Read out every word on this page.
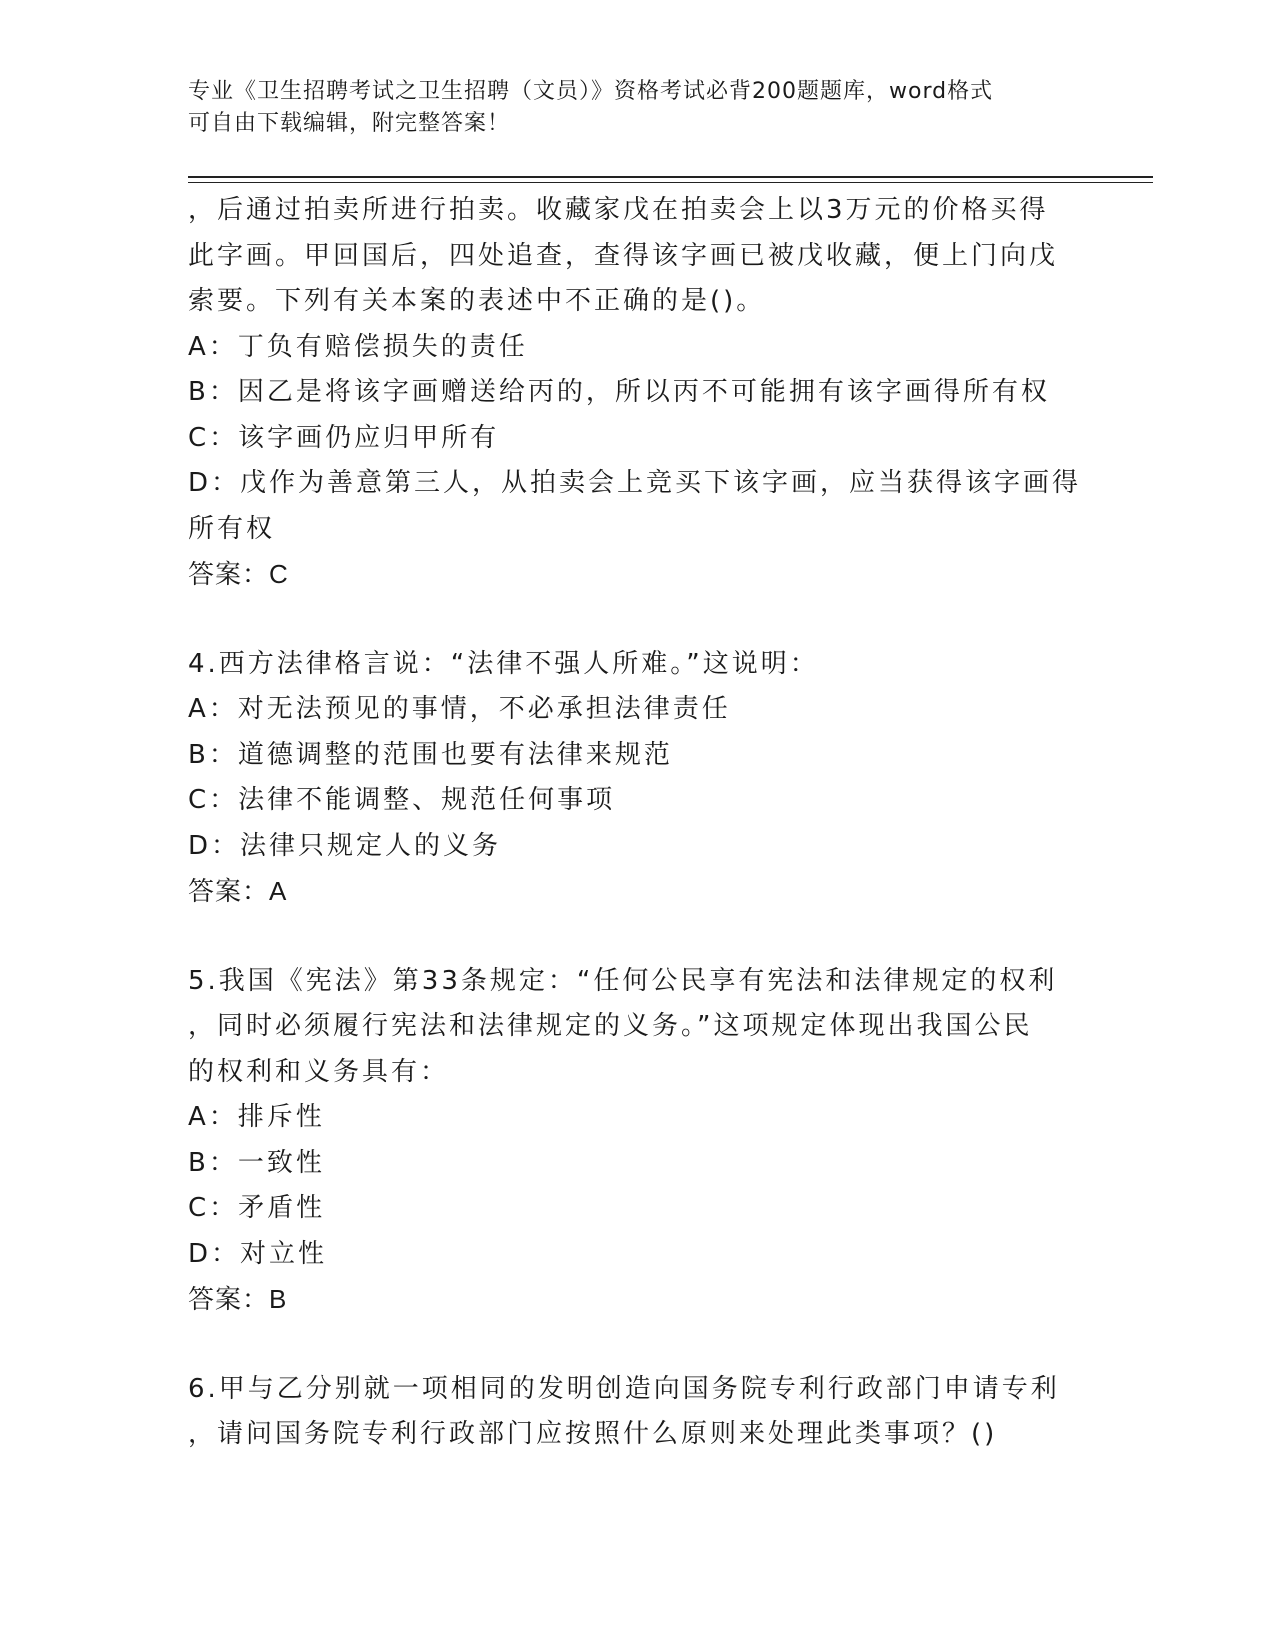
专业《卫生招聘考试之卫生招聘（文员）》资格考试必背200题题库，word格式
可自由下载编辑，附完整答案！
，后通过拍卖所进行拍卖。收藏家戊在拍卖会上以3万元的价格买得
此字画。甲回国后，四处追查，查得该字画已被戊收藏，便上门向戊
索要。下列有关本案的表述中不正确的是()。
A：丁负有赔偿损失的责任
B：因乙是将该字画赠送给丙的，所以丙不可能拥有该字画得所有权
C：该字画仍应归甲所有
D：戊作为善意第三人，从拍卖会上竞买下该字画，应当获得该字画得
所有权
答案：C
4.西方法律格言说：“法律不强人所难。”这说明：
A：对无法预见的事情，不必承担法律责任
B：道德调整的范围也要有法律来规范
C：法律不能调整、规范任何事项
D：法律只规定人的义务
答案：A
5.我国《宪法》第33条规定：“任何公民享有宪法和法律规定的权利
，同时必须履行宪法和法律规定的义务。”这项规定体现出我国公民
的权利和义务具有：
A：排斥性
B：一致性
C：矛盾性
D：对立性
答案：B
6.甲与乙分别就一项相同的发明创造向国务院专利行政部门申请专利
，请问国务院专利行政部门应按照什么原则来处理此类事项？()
